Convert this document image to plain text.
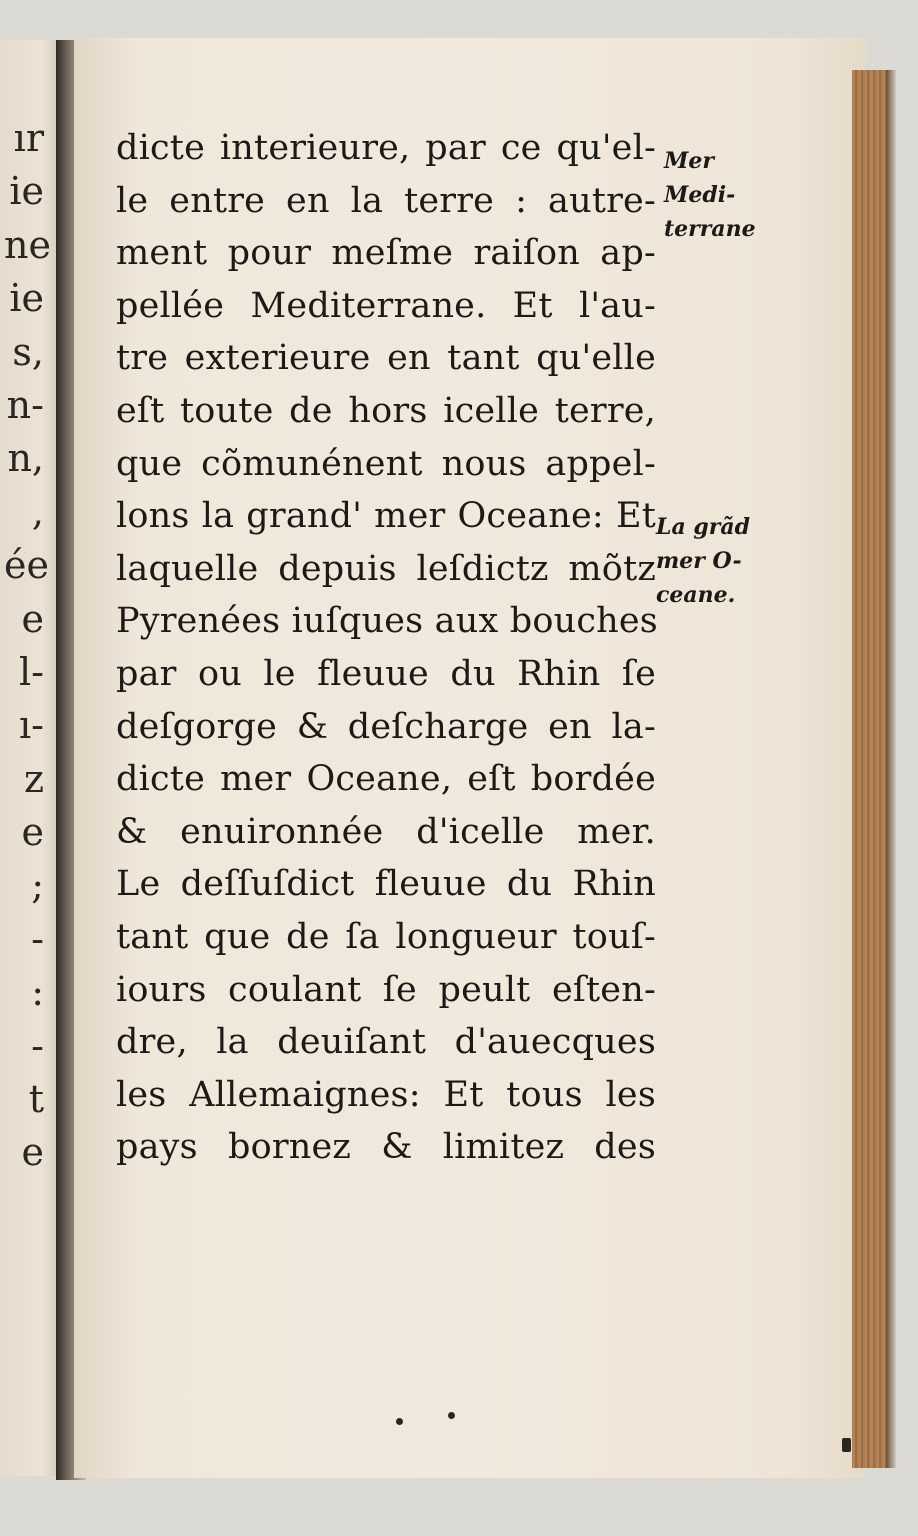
ır
ie
ne
ie
s,
n-
n,
,
ée
e
l-
ı-
z
e
;
-
:
-
t
e
dicte interieure, par ce qu'el-
le entre en la terre : autre-
ment pour meſme raiſon ap-
pellée Mediterrane. Et l'au-
tre exterieure en tant qu'elle
eſt toute de hors icelle terre,
que cõmunénent nous appel-
lons la grand' mer Oceane: Et
laquelle depuis leſdictz mõtz
Pyrenées iuſques aux bouches
par ou le fleuue du Rhin ſe
deſgorge & deſcharge en la-
dicte mer Oceane, eſt bordée
& enuironnée d'icelle mer.
Le deſſuſdict fleuue du Rhin
tant que de ſa longueur touſ-
iours coulant ſe peult eſten-
dre, la deuiſant d'auecques
les Allemaignes: Et tous les
pays bornez & limitez des
Mer
Medi-
terrane
La grãd
mer O-
ceane.
